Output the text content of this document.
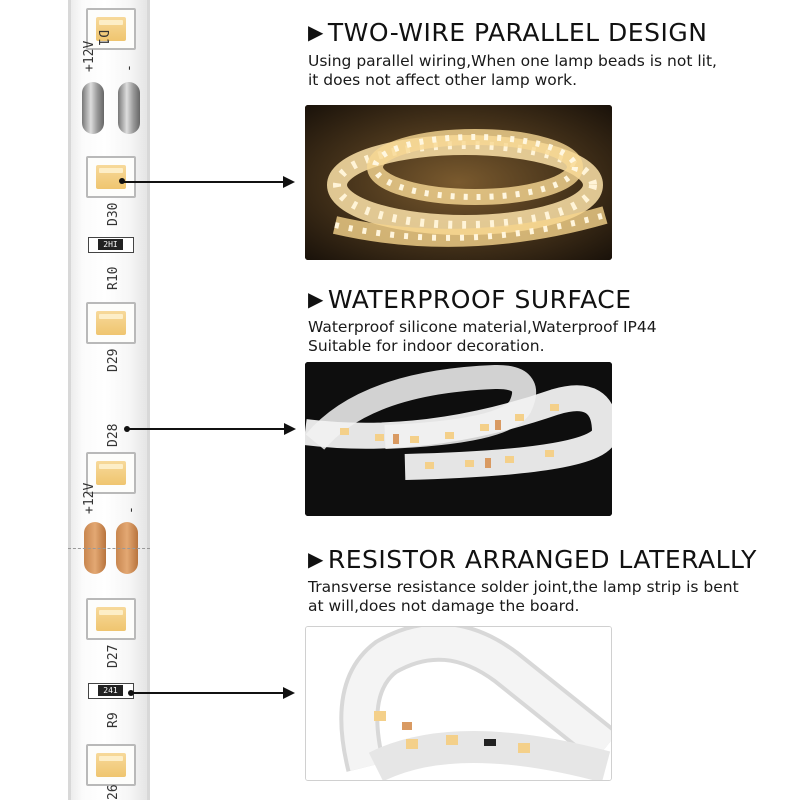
D1
+12V -
D30
2HI
R10
D29
D28
+12V -
D27
241
R9
26
▶ TWO-WIRE PARALLEL DESIGN
Using parallel wiring,When one lamp beads is not lit,
it does not affect other lamp work.
▶ WATERPROOF SURFACE
Waterproof silicone material,Waterproof IP44
Suitable for indoor decoration.
▶ RESISTOR ARRANGED LATERALLY
Transverse resistance solder joint,the lamp strip is bent
at will,does not damage the board.
